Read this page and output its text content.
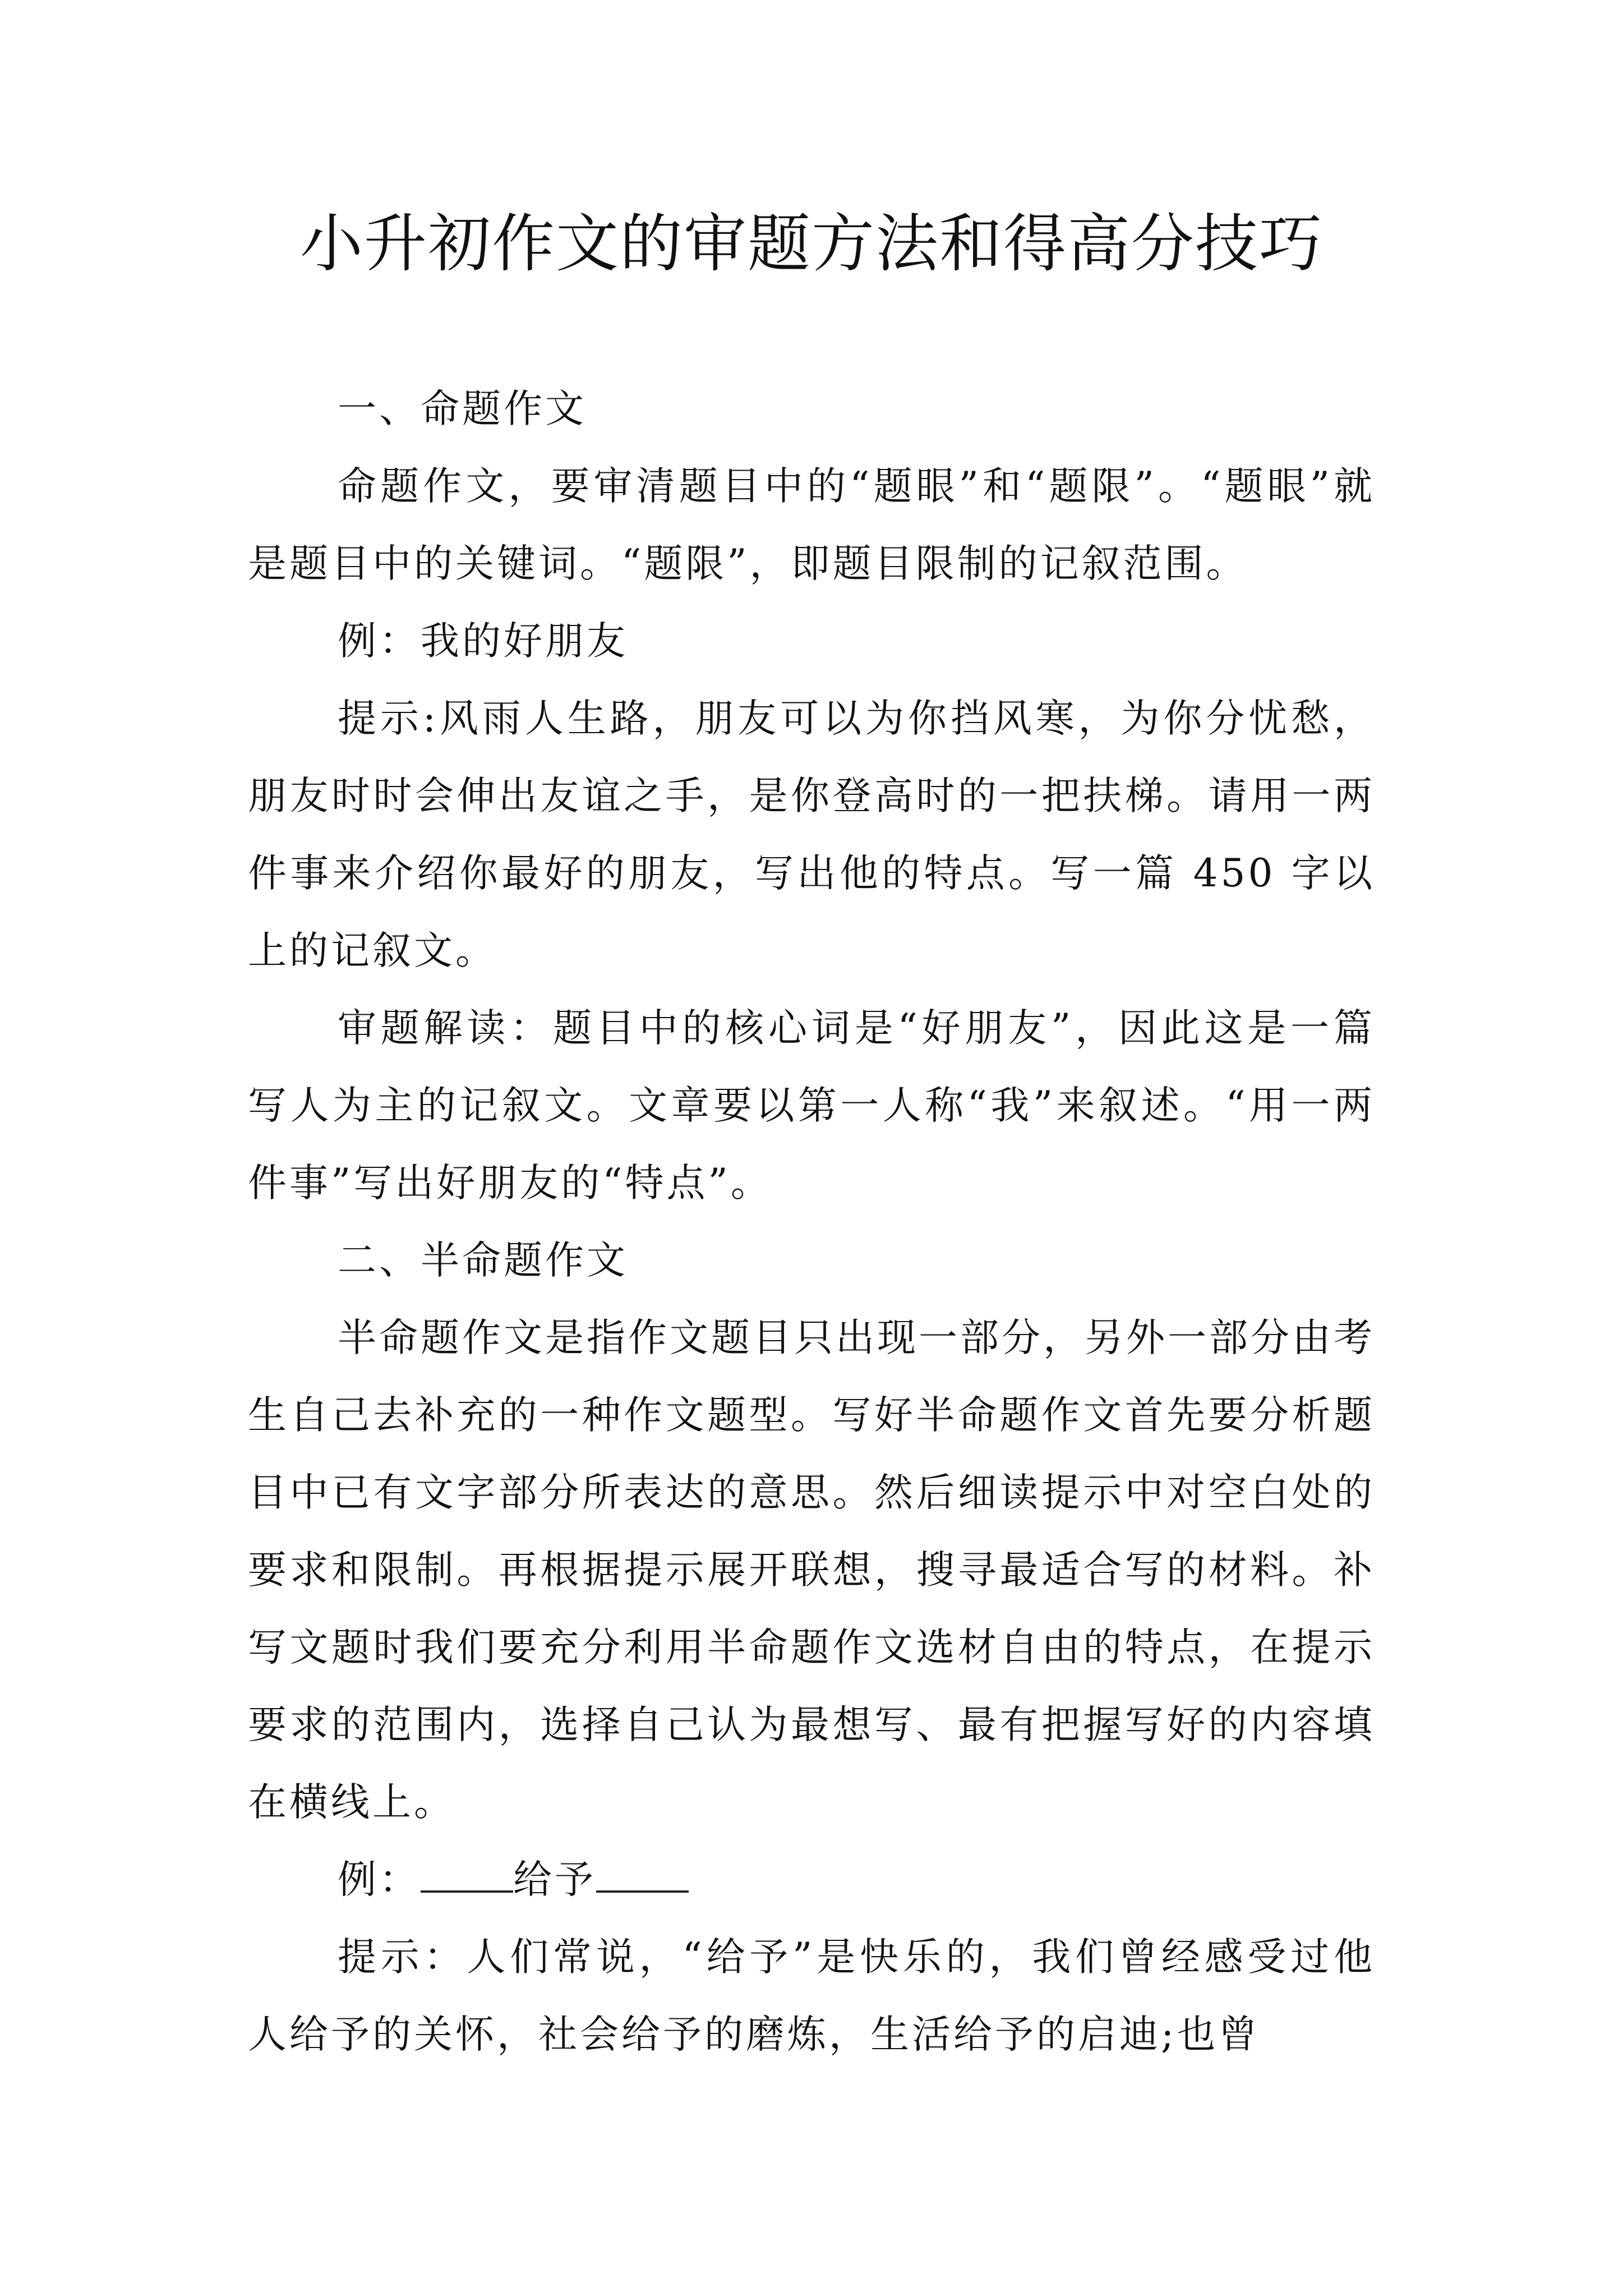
小升初作文的审题方法和得高分技巧

一、命题作文

命题作文，要审清题目中的“题眼”和“题限”。“题眼”就是题目中的关键词。“题限”，即题目限制的记叙范围。

例：我的好朋友

提示:风雨人生路，朋友可以为你挡风寒，为你分忧愁，朋友时时会伸出友谊之手，是你登高时的一把扶梯。请用一两件事来介绍你最好的朋友，写出他的特点。写一篇 450 字以上的记叙文。

审题解读：题目中的核心词是“好朋友”，因此这是一篇写人为主的记叙文。文章要以第一人称“我”来叙述。“用一两件事”写出好朋友的“特点”。

二、半命题作文

半命题作文是指作文题目只出现一部分，另外一部分由考生自己去补充的一种作文题型。写好半命题作文首先要分析题目中已有文字部分所表达的意思。然后细读提示中对空白处的要求和限制。再根据提示展开联想，搜寻最适合写的材料。补写文题时我们要充分利用半命题作文选材自由的特点，在提示要求的范围内，选择自己认为最想写、最有把握写好的内容填在横线上。

例： 给予

提示：人们常说，“给予”是快乐的，我们曾经感受过他人给予的关怀，社会给予的磨炼，生活给予的启迪;也曾
